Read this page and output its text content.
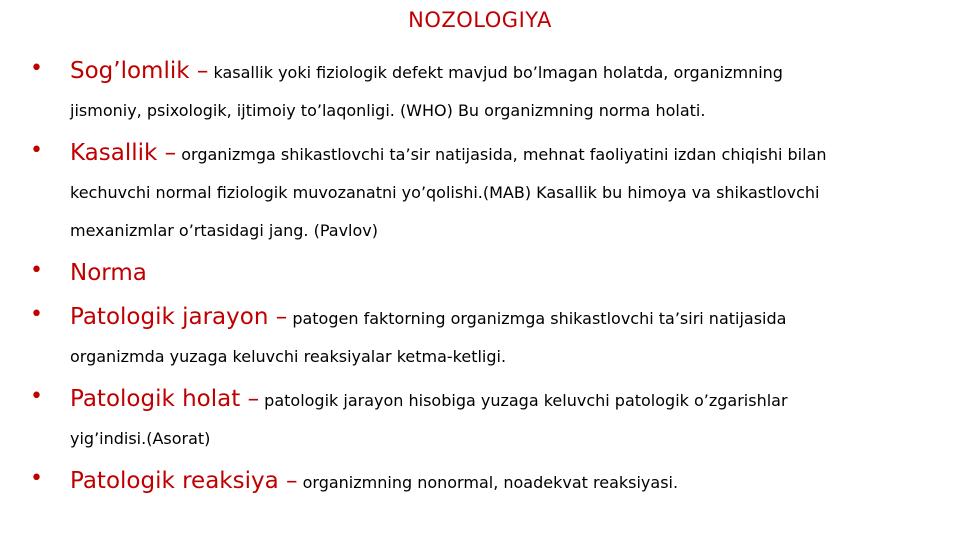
NOZOLOGIYA
• Sog’lomlik – kasallik yoki fiziologik defekt mavjud bo’lmagan holatda, organizmning
jismoniy, psixologik, ijtimoiy to’laqonligi. (WHO) Bu organizmning norma holati.
• Kasallik – organizmga shikastlovchi ta’sir natijasida, mehnat faoliyatini izdan chiqishi bilan
kechuvchi normal fiziologik muvozanatni yo’qolishi.(MAB) Kasallik bu himoya va shikastlovchi
mexanizmlar o’rtasidagi jang. (Pavlov)
• Norma
• Patologik jarayon – patogen faktorning organizmga shikastlovchi ta’siri natijasida
organizmda yuzaga keluvchi reaksiyalar ketma-ketligi.
• Patologik holat – patologik jarayon hisobiga yuzaga keluvchi patologik o’zgarishlar
yig’indisi.(Asorat)
• Patologik reaksiya – organizmning nonormal, noadekvat reaksiyasi.
